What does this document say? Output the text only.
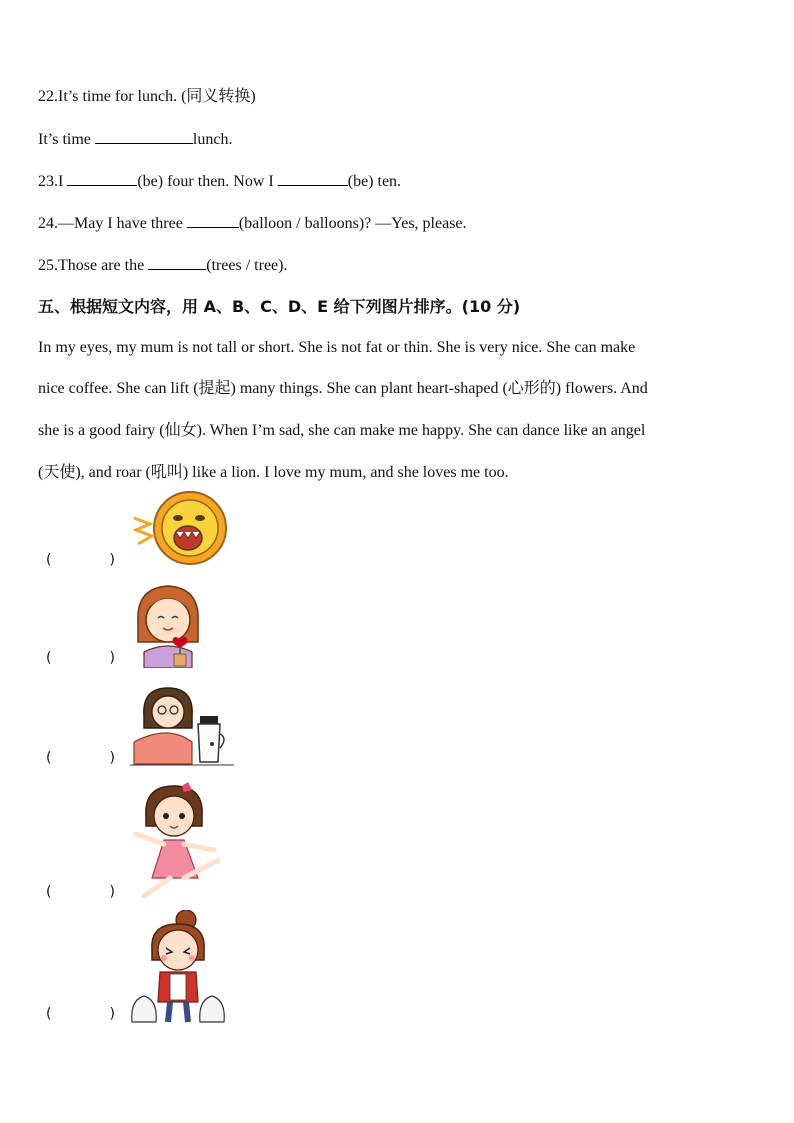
22.It’s time for lunch. (同义转换)
It’s time	lunch.
23.I	(be) four then. Now I	(be) ten.
24.—May I have three	(balloon / balloons)? —Yes, please.
25.Those are the	(trees / tree).
五、根据短文内容，用 A、B、C、D、E 给下列图片排序。(10 分)
In my eyes, my mum is not tall or short. She is not fat or thin. She is very nice. She can make
nice coffee. She can lift (提起) many things. She can plant heart-shaped (心形的) flowers. And
she is a good fairy (仙女). When I’m sad, she can make me happy. She can dance like an angel
(天使), and roar (吼叫) like a lion. I love my mum, and she loves me too.
(	)
(	)
(	)
(	)
(	)
